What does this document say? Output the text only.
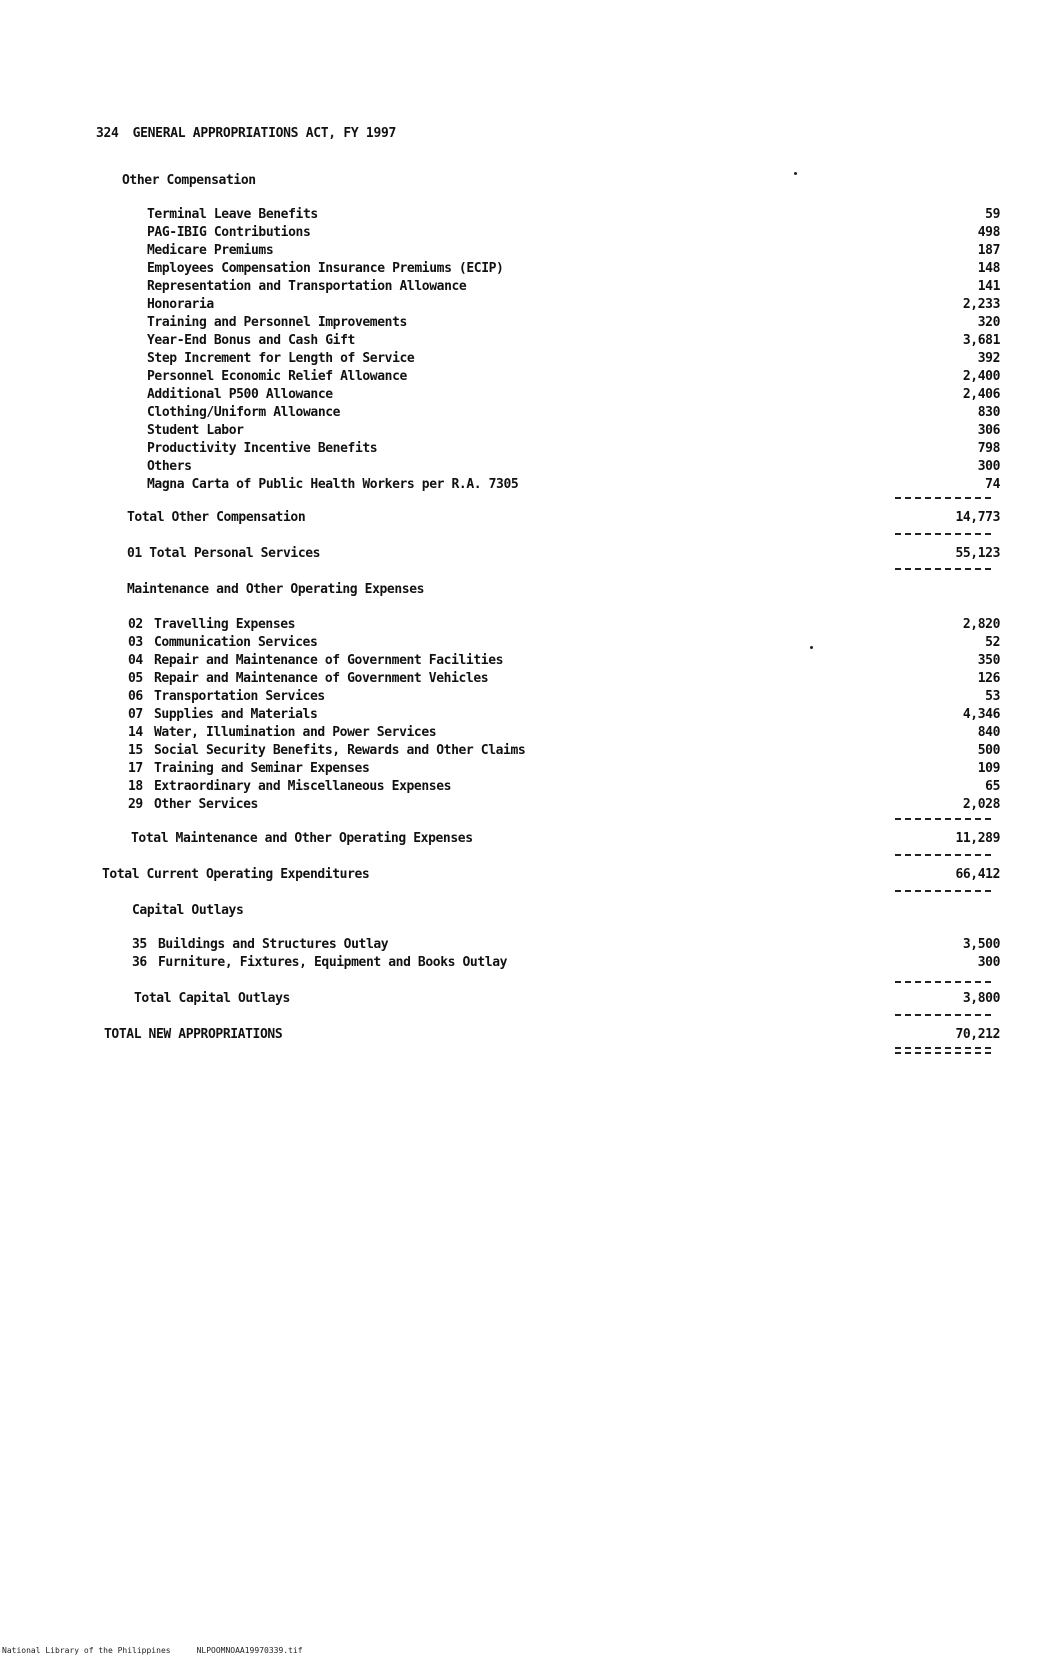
324 GENERAL APPROPRIATIONS ACT, FY 1997
Other Compensation
Terminal Leave Benefits	59
PAG-IBIG Contributions	498
Medicare Premiums	187
Employees Compensation Insurance Premiums (ECIP)	148
Representation and Transportation Allowance	141
Honoraria	2,233
Training and Personnel Improvements	320
Year-End Bonus and Cash Gift	3,681
Step Increment for Length of Service	392
Personnel Economic Relief Allowance	2,400
Additional P500 Allowance	2,406
Clothing/Uniform Allowance	830
Student Labor	306
Productivity Incentive Benefits	798
Others	300
Magna Carta of Public Health Workers per R.A. 7305	74
Total Other Compensation	14,773
01 Total Personal Services	55,123
Maintenance and Other Operating Expenses
02 Travelling Expenses	2,820
03 Communication Services	52
04 Repair and Maintenance of Government Facilities	350
05 Repair and Maintenance of Government Vehicles	126
06 Transportation Services	53
07 Supplies and Materials	4,346
14 Water, Illumination and Power Services	840
15 Social Security Benefits, Rewards and Other Claims	500
17 Training and Seminar Expenses	109
18 Extraordinary and Miscellaneous Expenses	65
29 Other Services	2,028
Total Maintenance and Other Operating Expenses	11,289
Total Current Operating Expenditures	66,412
Capital Outlays
35 Buildings and Structures Outlay	3,500
36 Furniture, Fixtures, Equipment and Books Outlay	300
Total Capital Outlays	3,800
TOTAL NEW APPROPRIATIONS	70,212
National Library of the Philippines	NLPOOMNOAA19970339.tif
